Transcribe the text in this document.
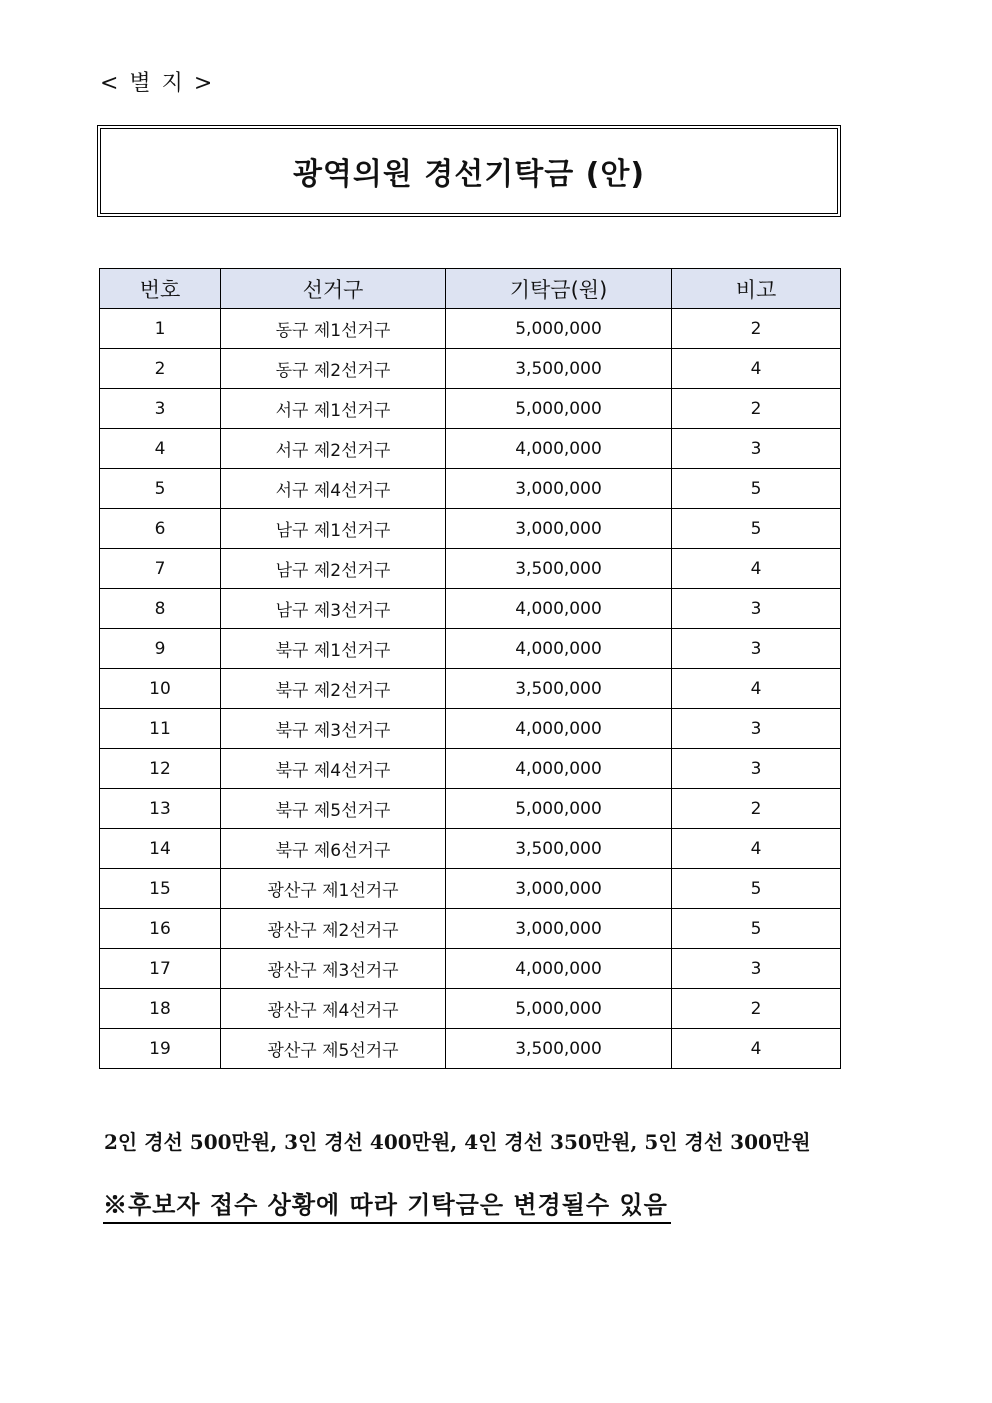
< 별 지 >
광역의원 경선기탁금 (안)
번호	선거구	기탁금(원)	비고
1	동구 제1선거구	5,000,000	2
2	동구 제2선거구	3,500,000	4
3	서구 제1선거구	5,000,000	2
4	서구 제2선거구	4,000,000	3
5	서구 제4선거구	3,000,000	5
6	남구 제1선거구	3,000,000	5
7	남구 제2선거구	3,500,000	4
8	남구 제3선거구	4,000,000	3
9	북구 제1선거구	4,000,000	3
10	북구 제2선거구	3,500,000	4
11	북구 제3선거구	4,000,000	3
12	북구 제4선거구	4,000,000	3
13	북구 제5선거구	5,000,000	2
14	북구 제6선거구	3,500,000	4
15	광산구 제1선거구	3,000,000	5
16	광산구 제2선거구	3,000,000	5
17	광산구 제3선거구	4,000,000	3
18	광산구 제4선거구	5,000,000	2
19	광산구 제5선거구	3,500,000	4
2인 경선 500만원, 3인 경선 400만원, 4인 경선 350만원, 5인 경선 300만원
※후보자 접수 상황에 따라 기탁금은 변경될수 있음
